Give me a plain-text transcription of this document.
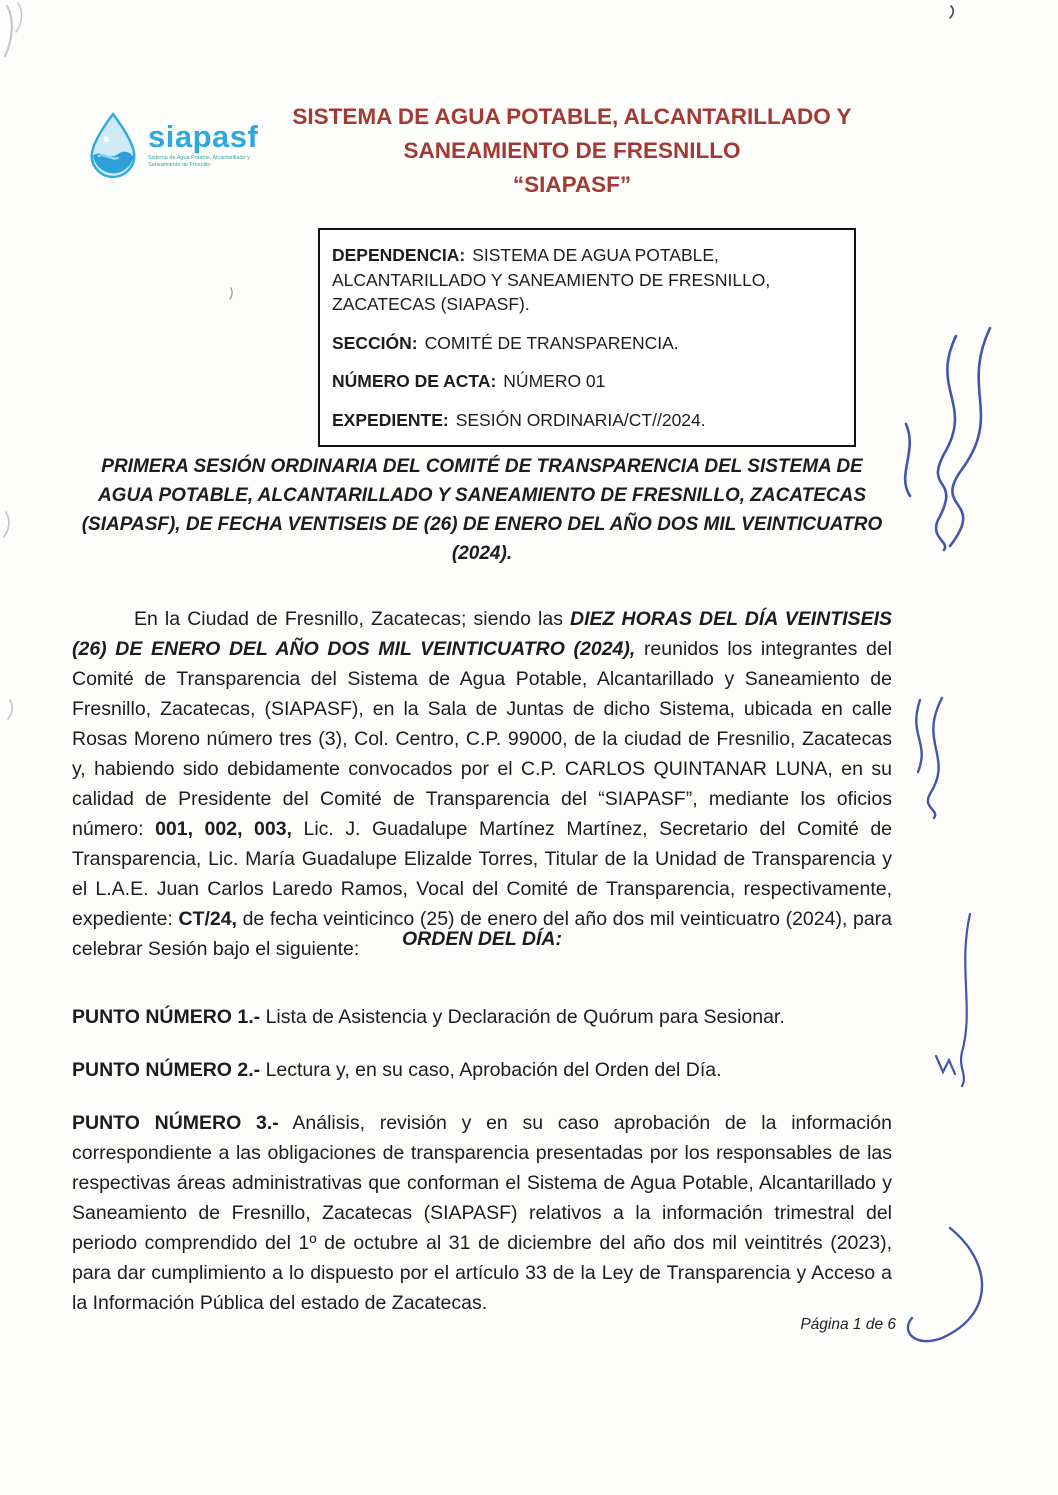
siapasf
Sistema de Agua Potable, Alcantarillado y Saneamiento de Fresnillo
SISTEMA DE AGUA POTABLE, ALCANTARILLADO Y
SANEAMIENTO DE FRESNILLO
“SIAPASF”
DEPENDENCIA: SISTEMA DE AGUA POTABLE, ALCANTARILLADO Y SANEAMIENTO DE FRESNILLO, ZACATECAS (SIAPASF).
SECCIÓN: COMITÉ DE TRANSPARENCIA.
NÚMERO DE ACTA: NÚMERO 01
EXPEDIENTE: SESIÓN ORDINARIA/CT//2024.
PRIMERA SESIÓN ORDINARIA DEL COMITÉ DE TRANSPARENCIA DEL SISTEMA DE AGUA POTABLE, ALCANTARILLADO Y SANEAMIENTO DE FRESNILLO, ZACATECAS (SIAPASF), DE FECHA VENTISEIS DE (26) DE ENERO DEL AÑO DOS MIL VEINTICUATRO (2024).

En la Ciudad de Fresnillo, Zacatecas; siendo las DIEZ HORAS DEL DÍA VEINTISEIS (26) DE ENERO DEL AÑO DOS MIL VEINTICUATRO (2024), reunidos los integrantes del Comité de Transparencia del Sistema de Agua Potable, Alcantarillado y Saneamiento de Fresnillo, Zacatecas, (SIAPASF), en la Sala de Juntas de dicho Sistema, ubicada en calle Rosas Moreno número tres (3), Col. Centro, C.P. 99000, de la ciudad de Fresnilio, Zacatecas y, habiendo sido debidamente convocados por el C.P. CARLOS QUINTANAR LUNA, en su calidad de Presidente del Comité de Transparencia del “SIAPASF”, mediante los oficios número: 001, 002, 003, Lic. J. Guadalupe Martínez Martínez, Secretario del Comité de Transparencia, Lic. María Guadalupe Elizalde Torres, Titular de la Unidad de Transparencia y el L.A.E. Juan Carlos Laredo Ramos, Vocal del Comité de Transparencia, respectivamente, expediente: CT/24, de fecha veinticinco (25) de enero del año dos mil veinticuatro (2024), para celebrar Sesión bajo el siguiente:	ORDEN DEL DÍA:

PUNTO NÚMERO 1.- Lista de Asistencia y Declaración de Quórum para Sesionar.

PUNTO NÚMERO 2.- Lectura y, en su caso, Aprobación del Orden del Día.

PUNTO NÚMERO 3.- Análisis, revisión y en su caso aprobación de la información correspondiente a las obligaciones de transparencia presentadas por los responsables de las respectivas áreas administrativas que conforman el Sistema de Agua Potable, Alcantarillado y Saneamiento de Fresnillo, Zacatecas (SIAPASF) relativos a la información trimestral del periodo comprendido del 1º de octubre al 31 de diciembre del año dos mil veintitrés (2023), para dar cumplimiento a lo dispuesto por el artículo 33 de la Ley de Transparencia y Acceso a la Información Pública del estado de Zacatecas.

Página 1 de 6
